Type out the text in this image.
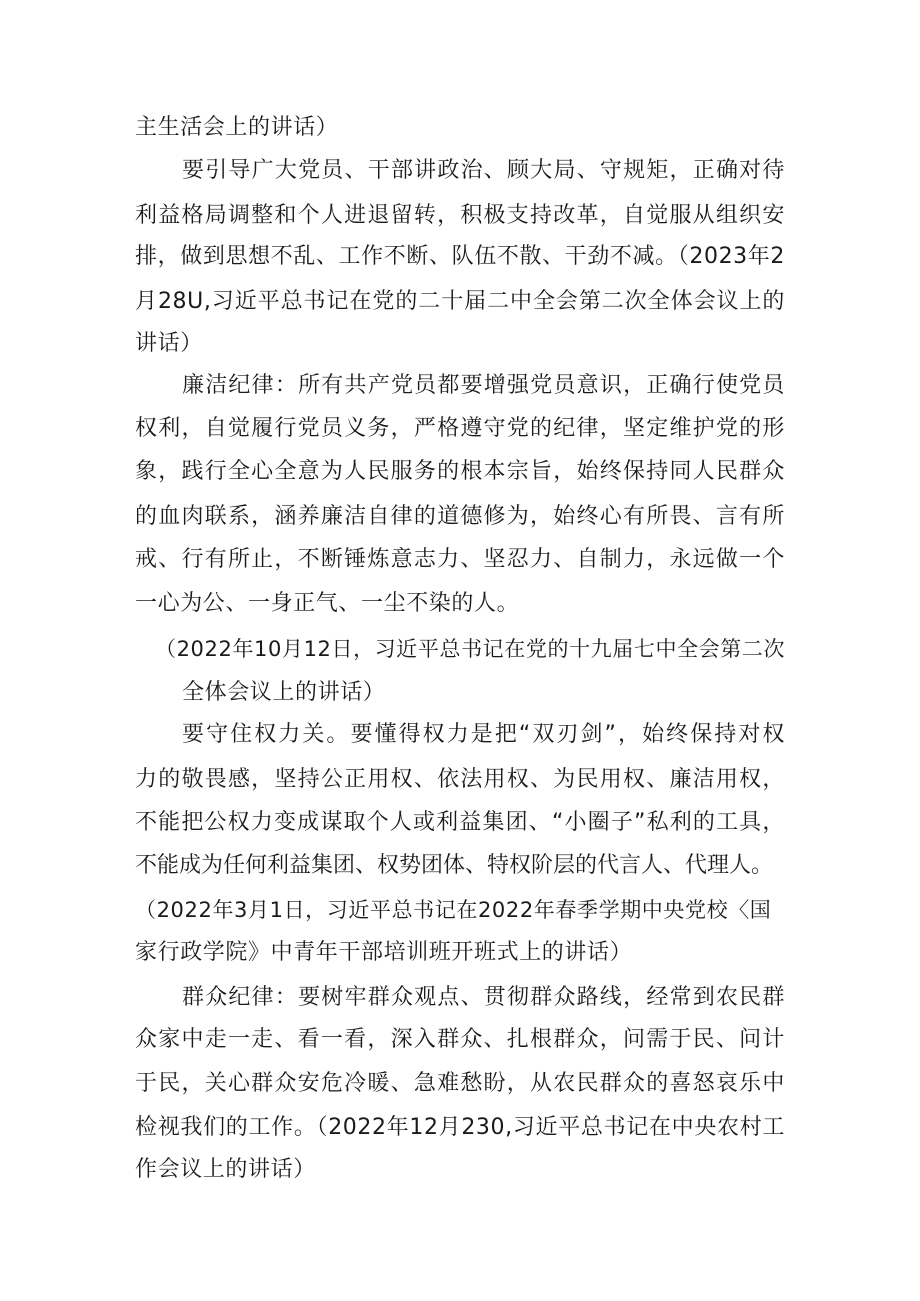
主生活会上的讲话）
要引导广大党员、干部讲政治、顾大局、守规矩，正确对待
利益格局调整和个人进退留转，积极支持改革，自觉服从组织安
排，做到思想不乱、工作不断、队伍不散、干劲不减。（2023年2
月28U,习近平总书记在党的二十届二中全会第二次全体会议上的
讲话）
廉洁纪律：所有共产党员都要增强党员意识，正确行使党员
权利，自觉履行党员义务，严格遵守党的纪律，坚定维护党的形
象，践行全心全意为人民服务的根本宗旨，始终保持同人民群众
的血肉联系，涵养廉洁自律的道德修为，始终心有所畏、言有所
戒、行有所止，不断锤炼意志力、坚忍力、自制力，永远做一个
一心为公、一身正气、一尘不染的人。
（2022年10月12日，习近平总书记在党的十九届七中全会第二次
全体会议上的讲话）
要守住权力关。要懂得权力是把“双刃剑”，始终保持对权
力的敬畏感，坚持公正用权、依法用权、为民用权、廉洁用权，
不能把公权力变成谋取个人或利益集团、“小圈子”私利的工具，
不能成为任何利益集团、权势团体、特权阶层的代言人、代理人。
（2022年3月1日，习近平总书记在2022年春季学期中央党校〈国
家行政学院》中青年干部培训班开班式上的讲话）
群众纪律：要树牢群众观点、贯彻群众路线，经常到农民群
众家中走一走、看一看，深入群众、扎根群众，问需于民、问计
于民，关心群众安危冷暖、急难愁盼，从农民群众的喜怒哀乐中
检视我们的工作。（2022年12月230,习近平总书记在中央农村工
作会议上的讲话）
